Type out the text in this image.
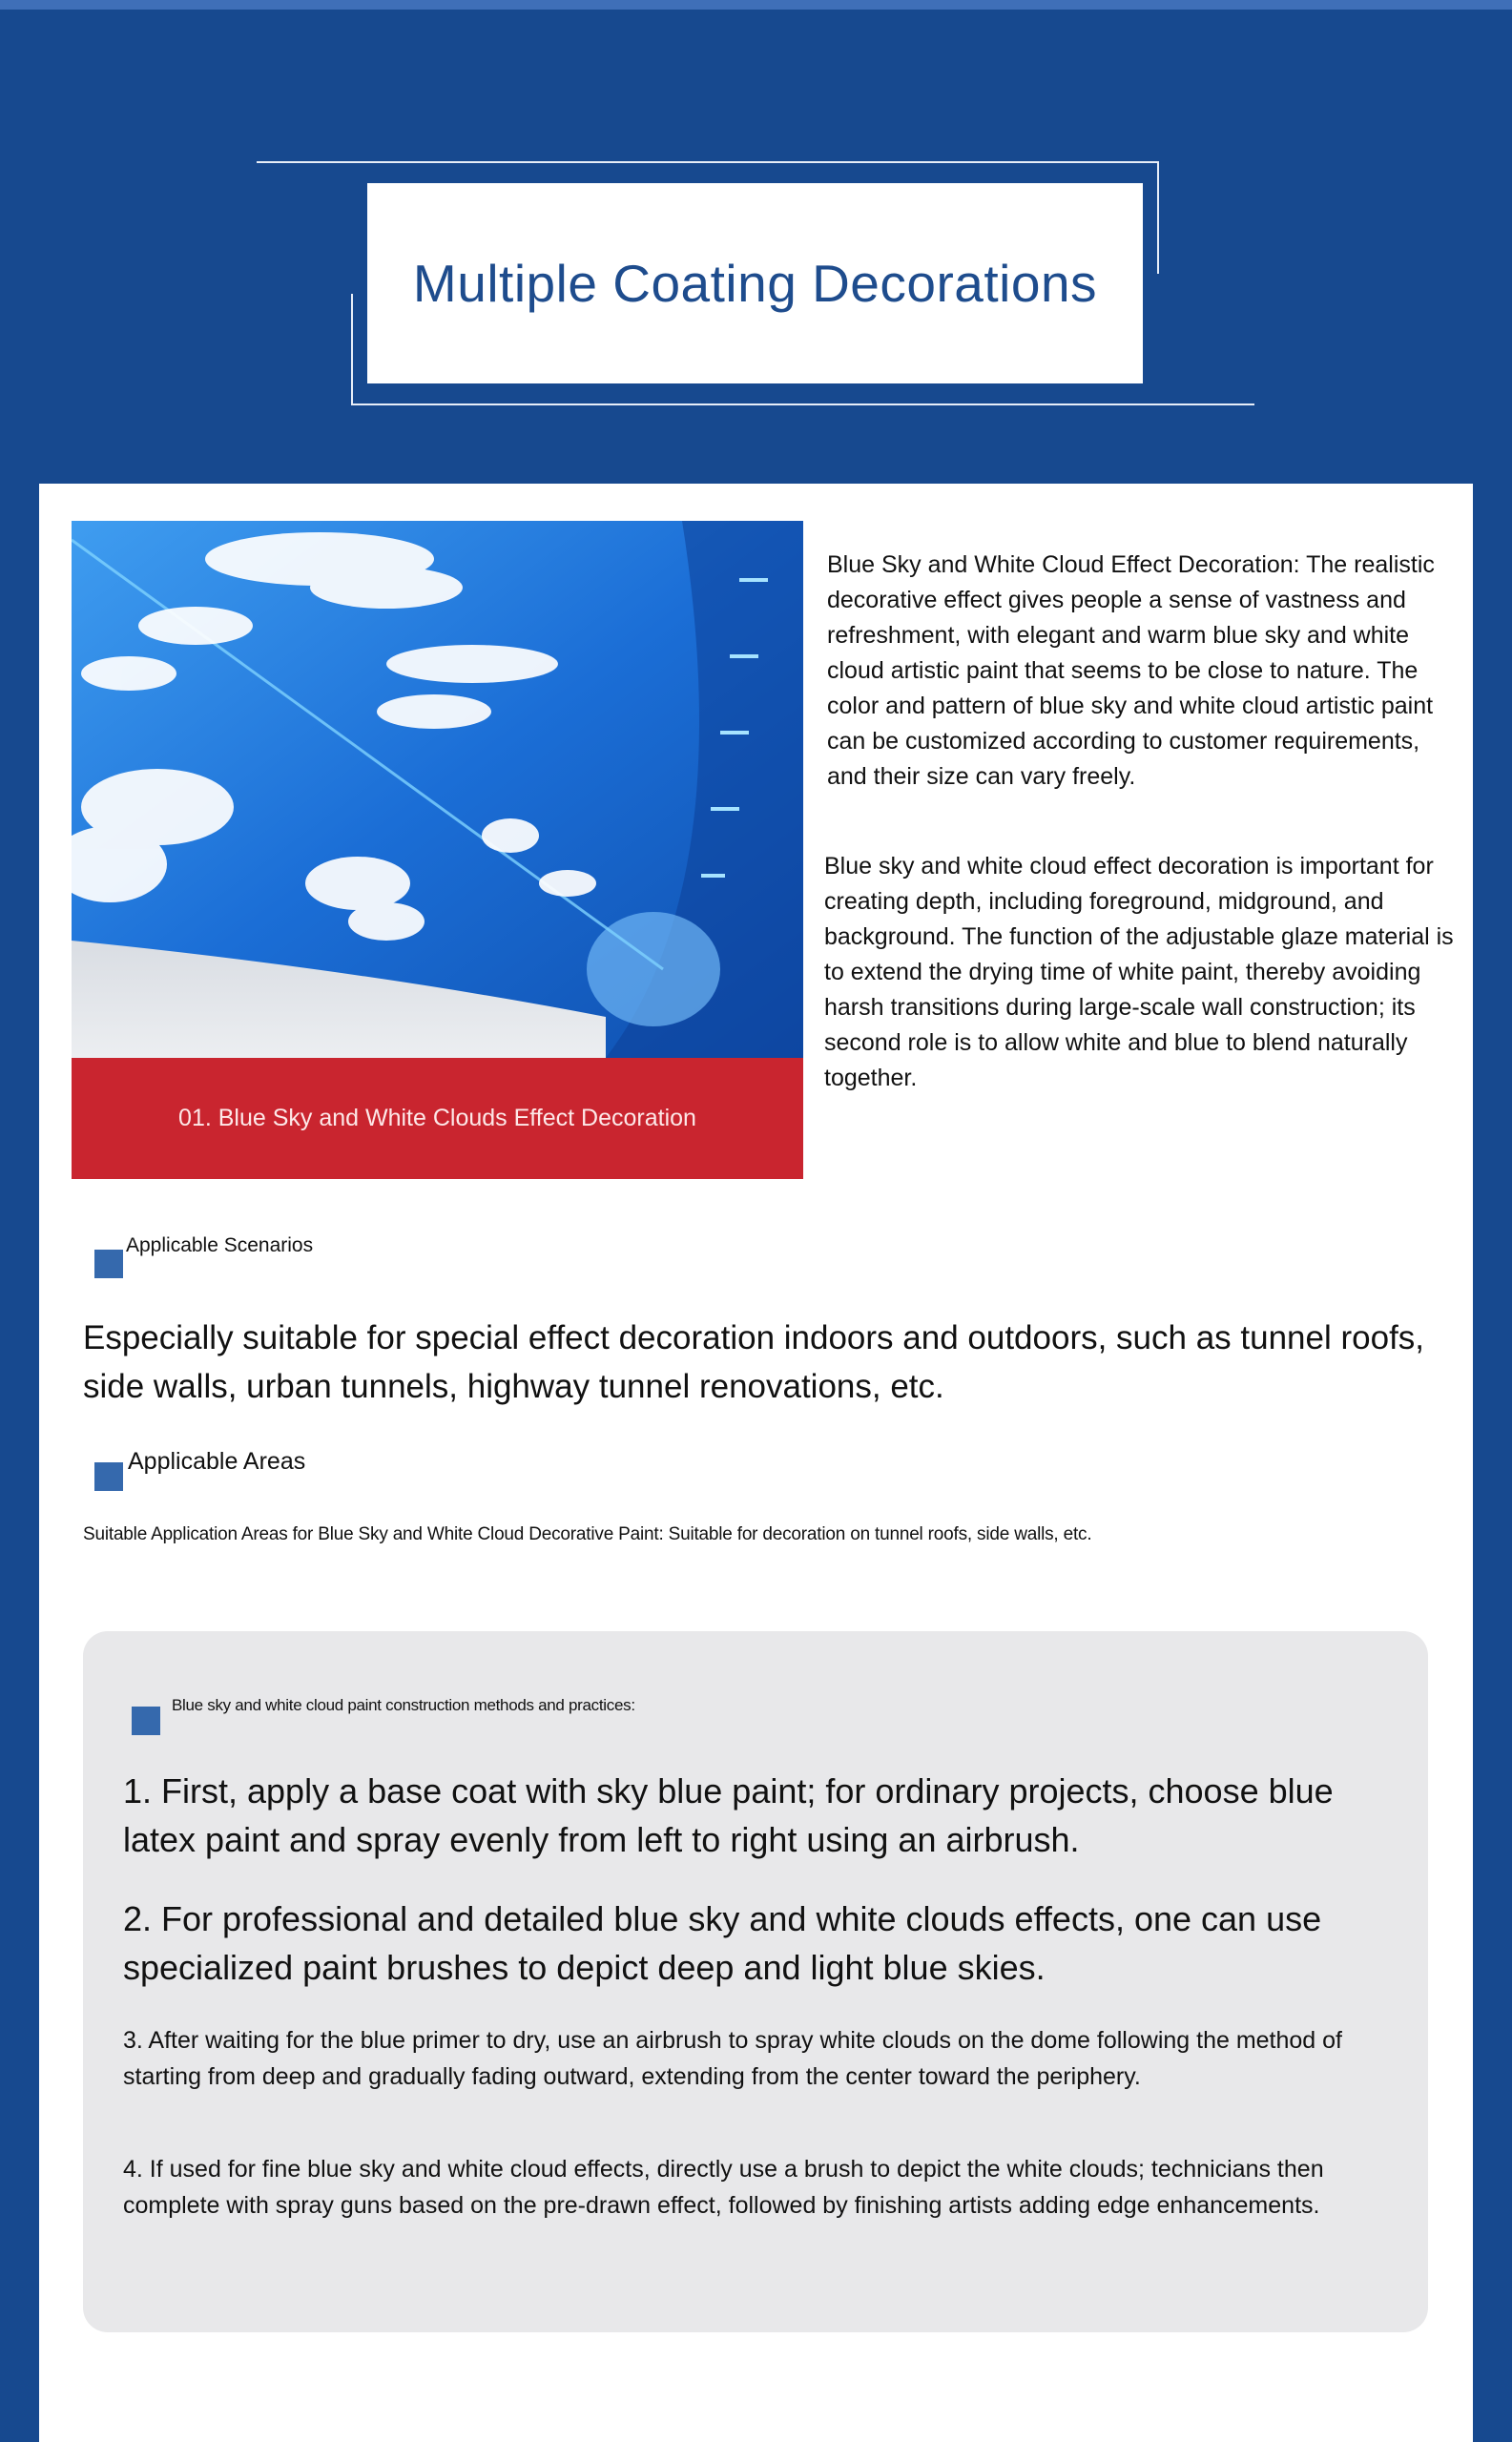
Multiple Coating Decorations
01. Blue Sky and White Clouds Effect Decoration

Blue Sky and White Cloud Effect Decoration: The realistic decorative effect gives people a sense of vastness and refreshment, with elegant and warm blue sky and white cloud artistic paint that seems to be close to nature. The color and pattern of blue sky and white cloud artistic paint can be customized according to customer requirements, and their size can vary freely.

Blue sky and white cloud effect decoration is important for creating depth, including foreground, midground, and background. The function of the adjustable glaze material is to extend the drying time of white paint, thereby avoiding harsh transitions during large-scale wall construction; its second role is to allow white and blue to blend naturally together.

Applicable Scenarios
Especially suitable for special effect decoration indoors and outdoors, such as tunnel roofs, side walls, urban tunnels, highway tunnel renovations, etc.
Applicable Areas
Suitable Application Areas for Blue Sky and White Cloud Decorative Paint: Suitable for decoration on tunnel roofs, side walls, etc.
Blue sky and white cloud paint construction methods and practices:

1. First, apply a base coat with sky blue paint; for ordinary projects, choose blue latex paint and spray evenly from left to right using an airbrush.

2. For professional and detailed blue sky and white clouds effects, one can use specialized paint brushes to depict deep and light blue skies.

3. After waiting for the blue primer to dry, use an airbrush to spray white clouds on the dome following the method of starting from deep and gradually fading outward, extending from the center toward the periphery.

4. If used for fine blue sky and white cloud effects, directly use a brush to depict the white clouds; technicians then complete with spray guns based on the pre-drawn effect, followed by finishing artists adding edge enhancements.
